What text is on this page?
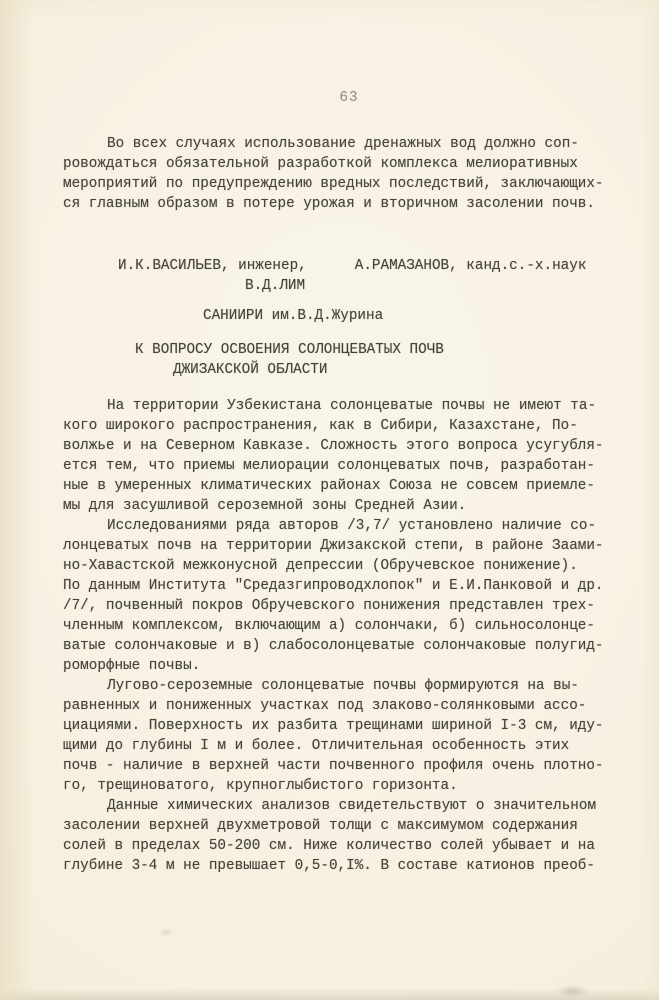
63
Во всех случаях использование дренажных вод должно соп-
ровождаться обязательной разработкой комплекса мелиоративных
мероприятий по предупреждению вредных последствий, заключающих-
ся главным образом в потере урожая и вторичном засолении почв.
И.К.ВАСИЛЬЕВ, инженер,	А.РАМАЗАНОВ, канд.с.-х.наук
В.Д.ЛИМ
САНИИРИ им.В.Д.Журина
К ВОПРОСУ ОСВОЕНИЯ СОЛОНЦЕВАТЫХ ПОЧВ
ДЖИЗАКСКОЙ ОБЛАСТИ
На территории Узбекистана солонцеватые почвы не имеют та-
кого широкого распространения, как в Сибири, Казахстане, По-
волжье и на Северном Кавказе. Сложность этого вопроса усугубля-
ется тем, что приемы мелиорации солонцеватых почв, разработан-
ные в умеренных климатических районах Союза не совсем приемле-
мы для засушливой сероземной зоны Средней Азии.
Исследованиями ряда авторов /3,7/ установлено наличие со-
лонцеватых почв на территории Джизакской степи, в районе Заами-
но-Хавастской межконусной депрессии (Обручевское понижение).
По данным Института "Средазгипроводхлопок" и Е.И.Панковой и др.
/7/, почвенный покров Обручевского понижения представлен трех-
членным комплексом, включающим а) солончаки, б) сильносолонце-
ватые солончаковые и в) слабосолонцеватые солончаковые полугид-
роморфные почвы.
Лугово-сероземные солонцеватые почвы формируются на вы-
равненных и пониженных участках под злаково-солянковыми ассо-
циациями. Поверхность их разбита трещинами шириной I-3 см, иду-
щими до глубины I м и более. Отличительная особенность этих
почв - наличие в верхней части почвенного профиля очень плотно-
го, трещиноватого, крупноглыбистого горизонта.
Данные химических анализов свидетельствуют о значительном
засолении верхней двухметровой толщи с максимумом содержания
солей в пределах 50-200 см. Ниже количество солей убывает и на
глубине 3-4 м не превышает 0,5-0,I%. В составе катионов преоб-
